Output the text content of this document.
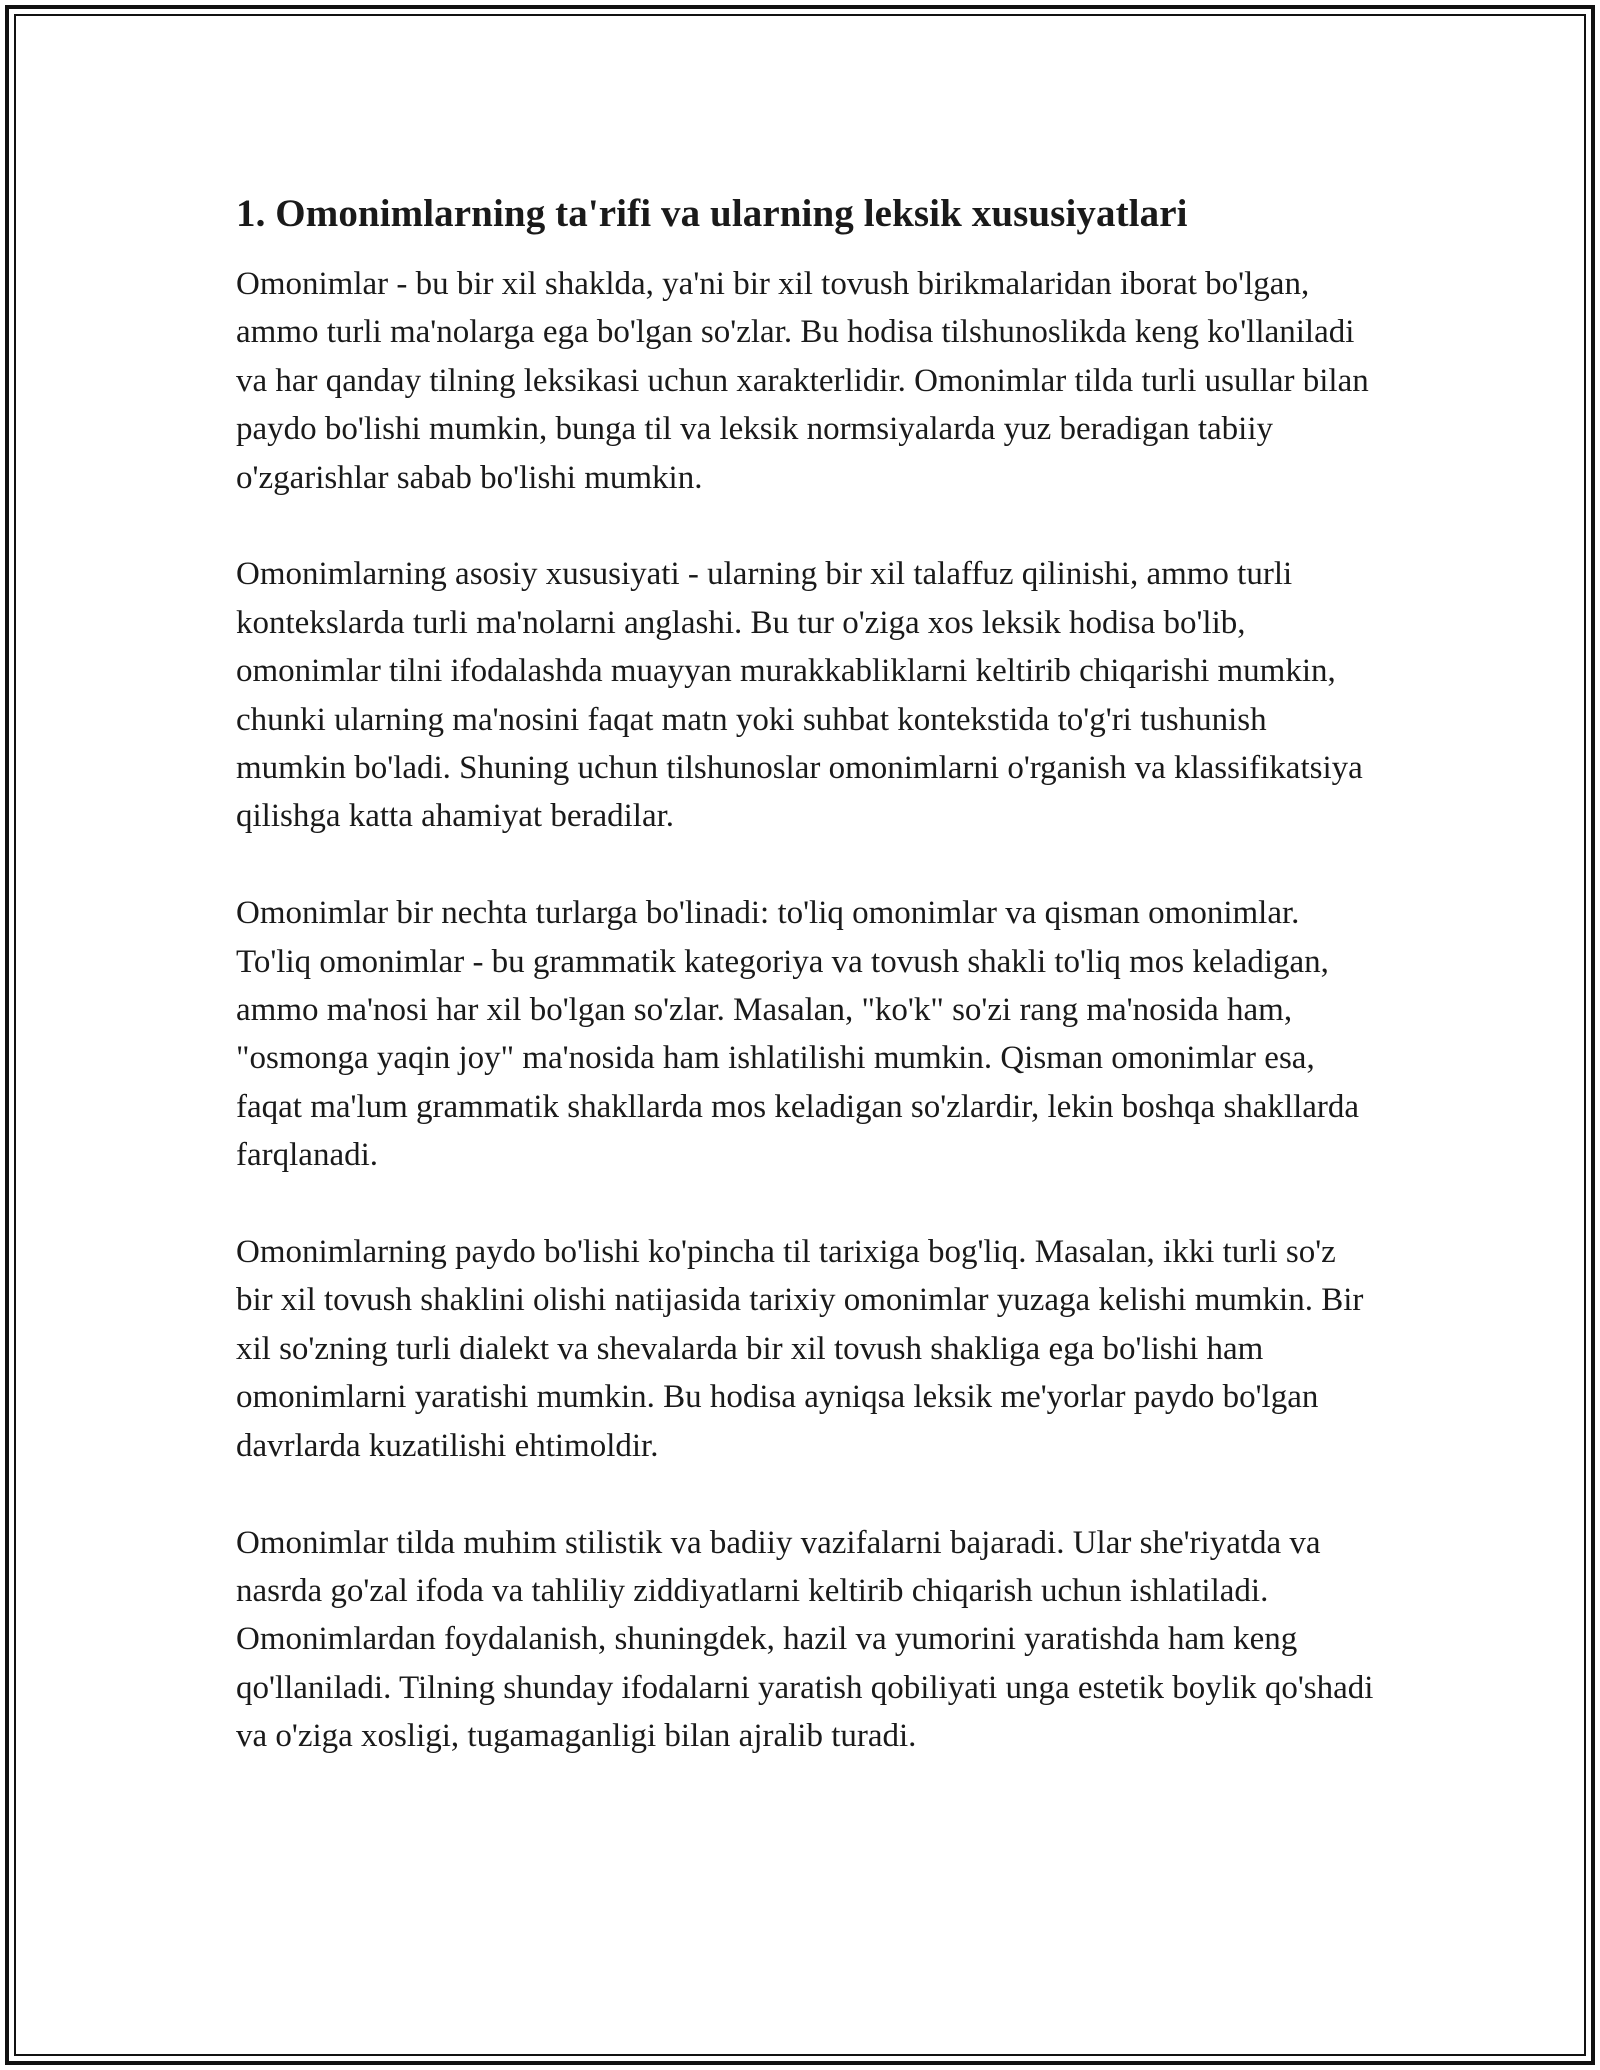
1. Omonimlarning ta'rifi va ularning leksik xususiyatlari

Omonimlar - bu bir xil shaklda, ya'ni bir xil tovush birikmalaridan iborat bo'lgan, ammo turli ma'nolarga ega bo'lgan so'zlar. Bu hodisa tilshunoslikda keng ko'llaniladi va har qanday tilning leksikasi uchun xarakterlidir. Omonimlar tilda turli usullar bilan paydo bo'lishi mumkin, bunga til va leksik normsiyalarda yuz beradigan tabiiy o'zgarishlar sabab bo'lishi mumkin.

Omonimlarning asosiy xususiyati - ularning bir xil talaffuz qilinishi, ammo turli kontekslarda turli ma'nolarni anglashi. Bu tur o'ziga xos leksik hodisa bo'lib, omonimlar tilni ifodalashda muayyan murakkabliklarni keltirib chiqarishi mumkin, chunki ularning ma'nosini faqat matn yoki suhbat kontekstida to'g'ri tushunish mumkin bo'ladi. Shuning uchun tilshunoslar omonimlarni o'rganish va klassifikatsiya qilishga katta ahamiyat beradilar.

Omonimlar bir nechta turlarga bo'linadi: to'liq omonimlar va qisman omonimlar. To'liq omonimlar - bu grammatik kategoriya va tovush shakli to'liq mos keladigan, ammo ma'nosi har xil bo'lgan so'zlar. Masalan, "ko'k" so'zi rang ma'nosida ham, "osmonga yaqin joy" ma'nosida ham ishlatilishi mumkin. Qisman omonimlar esa, faqat ma'lum grammatik shakllarda mos keladigan so'zlardir, lekin boshqa shakllarda farqlanadi.

Omonimlarning paydo bo'lishi ko'pincha til tarixiga bog'liq. Masalan, ikki turli so'z bir xil tovush shaklini olishi natijasida tarixiy omonimlar yuzaga kelishi mumkin. Bir xil so'zning turli dialekt va shevalarda bir xil tovush shakliga ega bo'lishi ham omonimlarni yaratishi mumkin. Bu hodisa ayniqsa leksik me'yorlar paydo bo'lgan davrlarda kuzatilishi ehtimoldir.

Omonimlar tilda muhim stilistik va badiiy vazifalarni bajaradi. Ular she'riyatda va nasrda go'zal ifoda va tahliliy ziddiyatlarni keltirib chiqarish uchun ishlatiladi. Omonimlardan foydalanish, shuningdek, hazil va yumorini yaratishda ham keng qo'llaniladi. Tilning shunday ifodalarni yaratish qobiliyati unga estetik boylik qo'shadi va o'ziga xosligi, tugamaganligi bilan ajralib turadi.
